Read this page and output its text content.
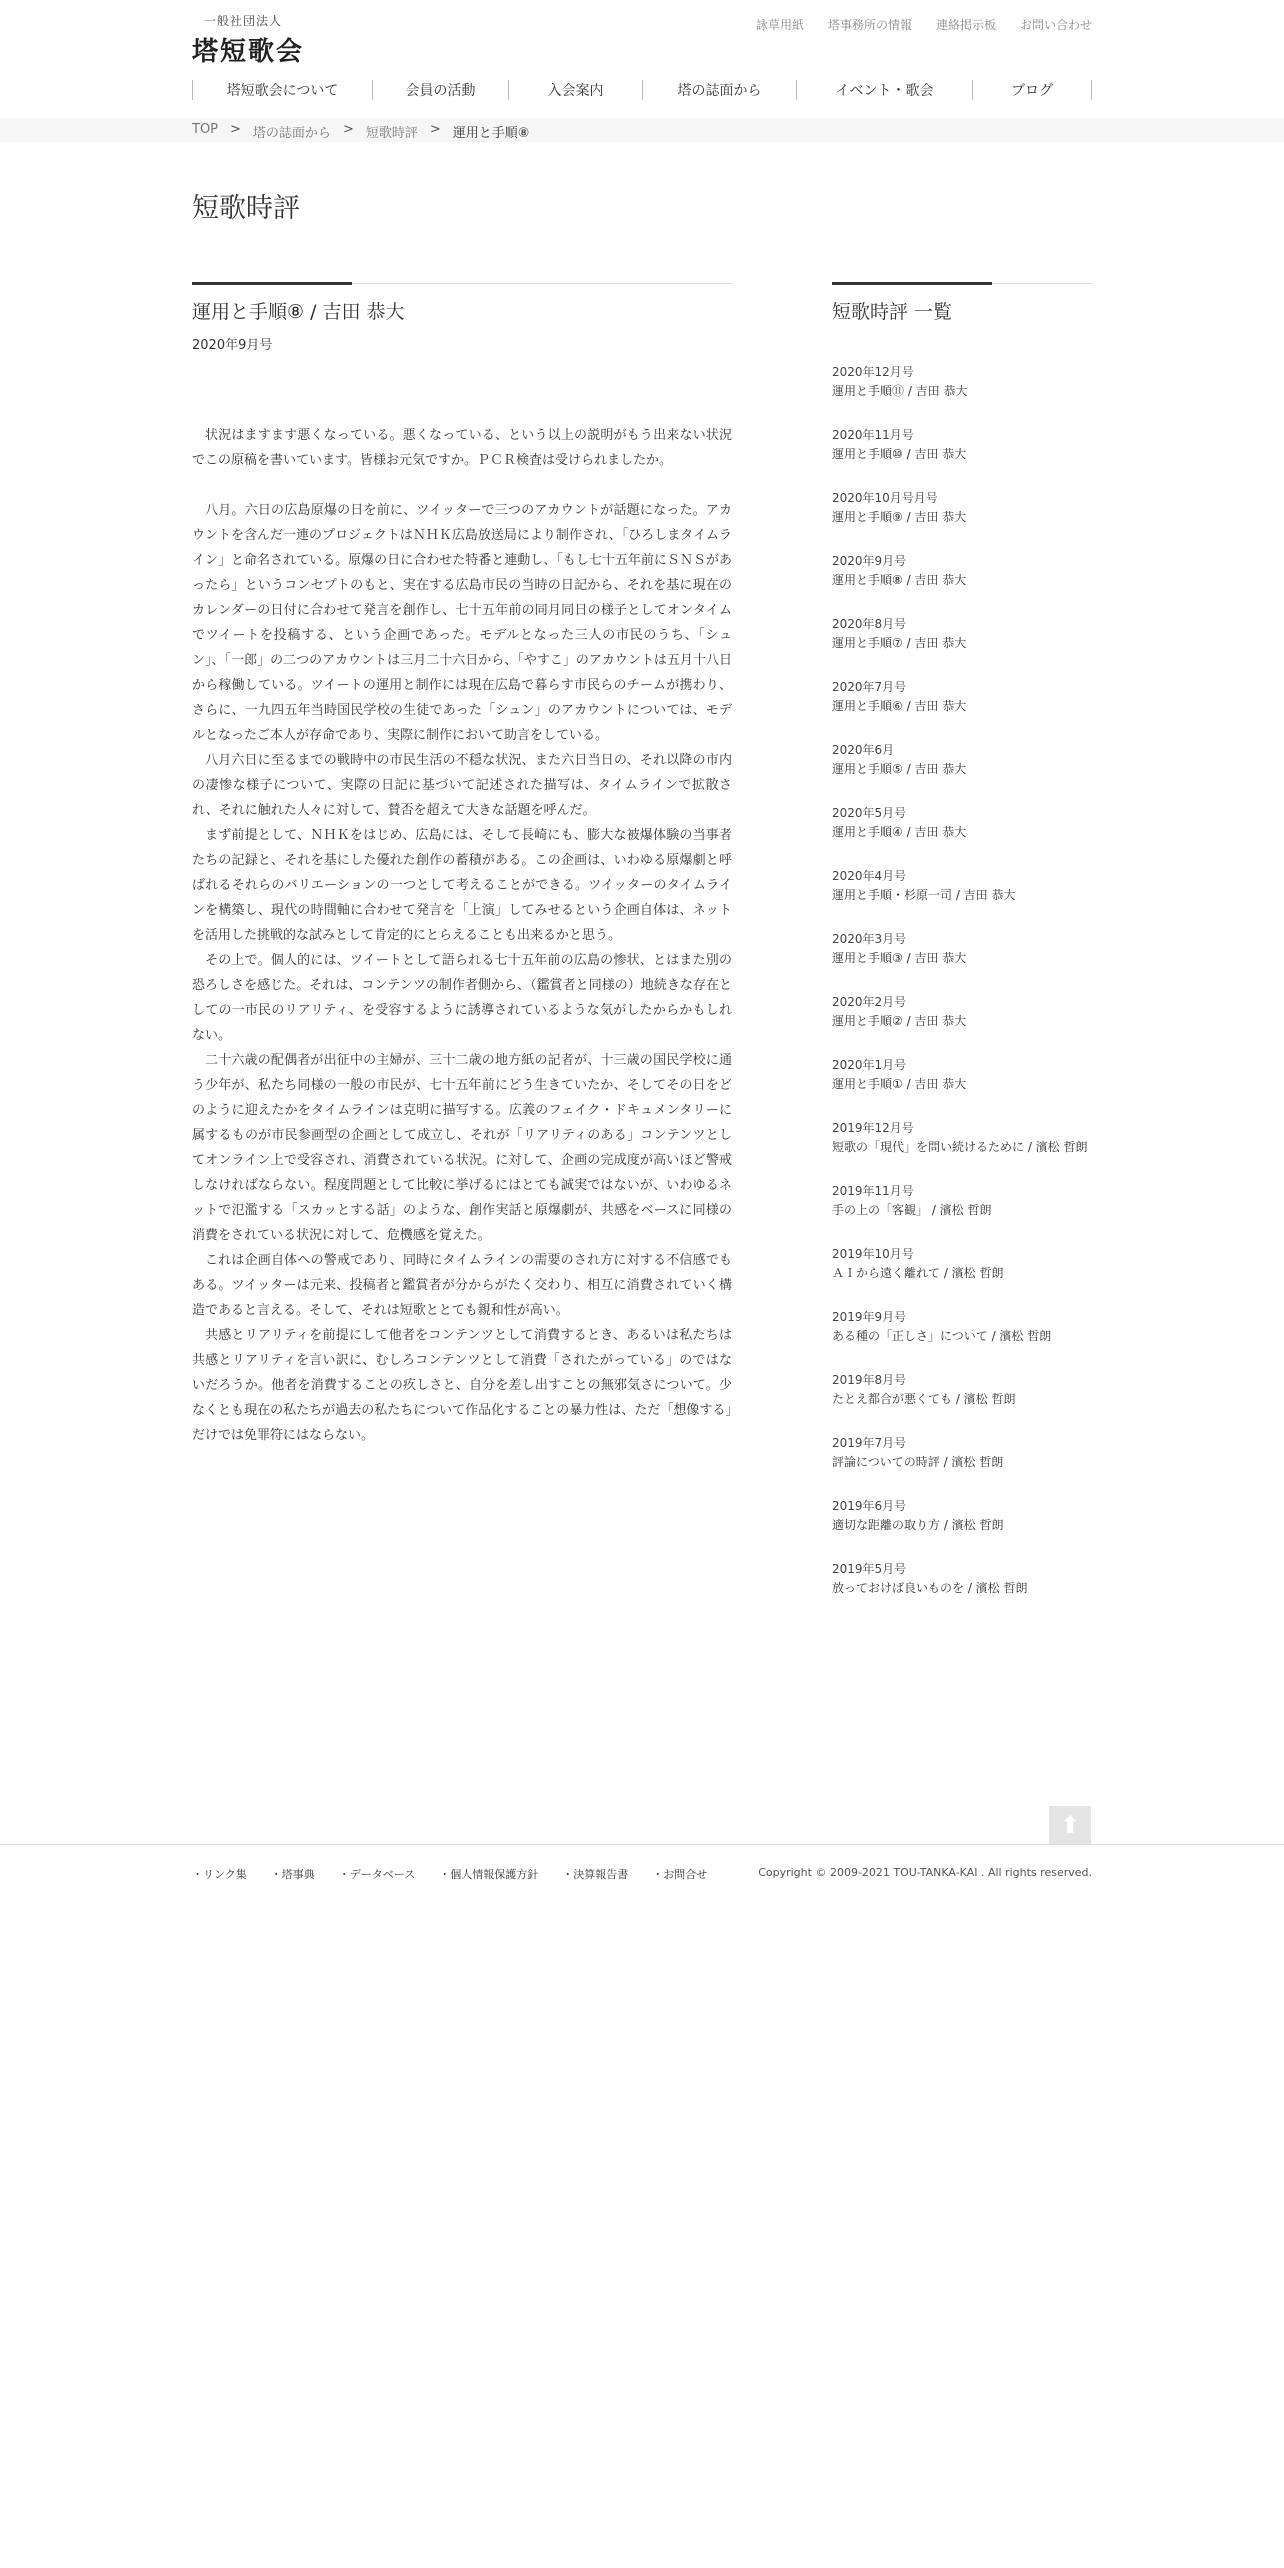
一般社団法人
塔短歌会
詠草用紙 塔事務所の情報 連絡掲示板 お問い合わせ
塔短歌会について	会員の活動	入会案内	塔の誌面から	イベント・歌会	ブログ
TOP > 塔の誌面から > 短歌時評 > 運用と手順⑧
短歌時評
運用と手順⑧ / 吉田 恭大
2020年9月号

状況はますます悪くなっている。悪くなっている、という以上の説明がもう出来ない状況でこの原稿を書いています。皆様お元気ですか。ＰＣＲ検査は受けられましたか。

八月。六日の広島原爆の日を前に、ツイッターで三つのアカウントが話題になった。アカウントを含んだ一連のプロジェクトはＮＨＫ広島放送局により制作され、「ひろしまタイムライン」と命名されている。原爆の日に合わせた特番と連動し、「もし七十五年前にＳＮＳがあったら」というコンセプトのもと、実在する広島市民の当時の日記から、それを基に現在のカレンダーの日付に合わせて発言を創作し、七十五年前の同月同日の様子としてオンタイムでツイートを投稿する、という企画であった。モデルとなった三人の市民のうち、「シュン」、「一郎」の二つのアカウントは三月二十六日から、「やすこ」のアカウントは五月十八日から稼働している。ツイートの運用と制作には現在広島で暮らす市民らのチームが携わり、さらに、一九四五年当時国民学校の生徒であった「シュン」のアカウントについては、モデルとなったご本人が存命であり、実際に制作において助言をしている。

八月六日に至るまでの戦時中の市民生活の不穏な状況、また六日当日の、それ以降の市内の凄惨な様子について、実際の日記に基づいて記述された描写は、タイムラインで拡散され、それに触れた人々に対して、賛否を超えて大きな話題を呼んだ。

まず前提として、ＮＨＫをはじめ、広島には、そして長崎にも、膨大な被爆体験の当事者たちの記録と、それを基にした優れた創作の蓄積がある。この企画は、いわゆる原爆劇と呼ばれるそれらのバリエーションの一つとして考えることができる。ツイッターのタイムラインを構築し、現代の時間軸に合わせて発言を「上演」してみせるという企画自体は、ネットを活用した挑戦的な試みとして肯定的にとらえることも出来るかと思う。

その上で。個人的には、ツイートとして語られる七十五年前の広島の惨状、とはまた別の恐ろしさを感じた。それは、コンテンツの制作者側から、（鑑賞者と同様の）地続きな存在としての一市民のリアリティ、を受容するように誘導されているような気がしたからかもしれない。

二十六歳の配偶者が出征中の主婦が、三十二歳の地方紙の記者が、十三歳の国民学校に通う少年が、私たち同様の一般の市民が、七十五年前にどう生きていたか、そしてその日をどのように迎えたかをタイムラインは克明に描写する。広義のフェイク・ドキュメンタリーに属するものが市民参画型の企画として成立し、それが「リアリティのある」コンテンツとしてオンライン上で受容され、消費されている状況。に対して、企画の完成度が高いほど警戒しなければならない。程度問題として比較に挙げるにはとても誠実ではないが、いわゆるネットで氾濫する「スカッとする話」のような、創作実話と原爆劇が、共感をベースに同様の消費をされている状況に対して、危機感を覚えた。

これは企画自体への警戒であり、同時にタイムラインの需要のされ方に対する不信感でもある。ツイッターは元来、投稿者と鑑賞者が分からがたく交わり、相互に消費されていく構造であると言える。そして、それは短歌ととても親和性が高い。

共感とリアリティを前提にして他者をコンテンツとして消費するとき、あるいは私たちは共感とリアリティを言い訳に、むしろコンテンツとして消費「されたがっている」のではないだろうか。他者を消費することの疚しさと、自分を差し出すことの無邪気さについて。少なくとも現在の私たちが過去の私たちについて作品化することの暴力性は、ただ「想像する」だけでは免罪符にはならない。

短歌時評 一覧
2020年12月号
運用と手順⑪ / 吉田 恭大
2020年11月号
運用と手順⑩ / 吉田 恭大
2020年10月号月号
運用と手順⑨ / 吉田 恭大
2020年9月号
運用と手順⑧ / 吉田 恭大
2020年8月号
運用と手順⑦ / 吉田 恭大
2020年7月号
運用と手順⑥ / 吉田 恭大
2020年6月
運用と手順⑤ / 吉田 恭大
2020年5月号
運用と手順④ / 吉田 恭大
2020年4月号
運用と手順・杉原一司 / 吉田 恭大
2020年3月号
運用と手順③ / 吉田 恭大
2020年2月号
運用と手順② / 吉田 恭大
2020年1月号
運用と手順① / 吉田 恭大
2019年12月号
短歌の「現代」を問い続けるために / 濱松 哲朗
2019年11月号
手の上の「客観」 / 濱松 哲朗
2019年10月号
ＡＩから遠く離れて / 濱松 哲朗
2019年9月号
ある種の「正しさ」について / 濱松 哲朗
2019年8月号
たとえ都合が悪くても / 濱松 哲朗
2019年7月号
評論についての時評 / 濱松 哲朗
2019年6月号
適切な距離の取り方 / 濱松 哲朗
2019年5月号
放っておけば良いものを / 濱松 哲朗
⬆
・リンク集 ・塔事典 ・データベース ・個人情報保護方針 ・決算報告書 ・お問合せ	Copyright © 2009-2021 TOU-TANKA-KAI . All rights reserved.
